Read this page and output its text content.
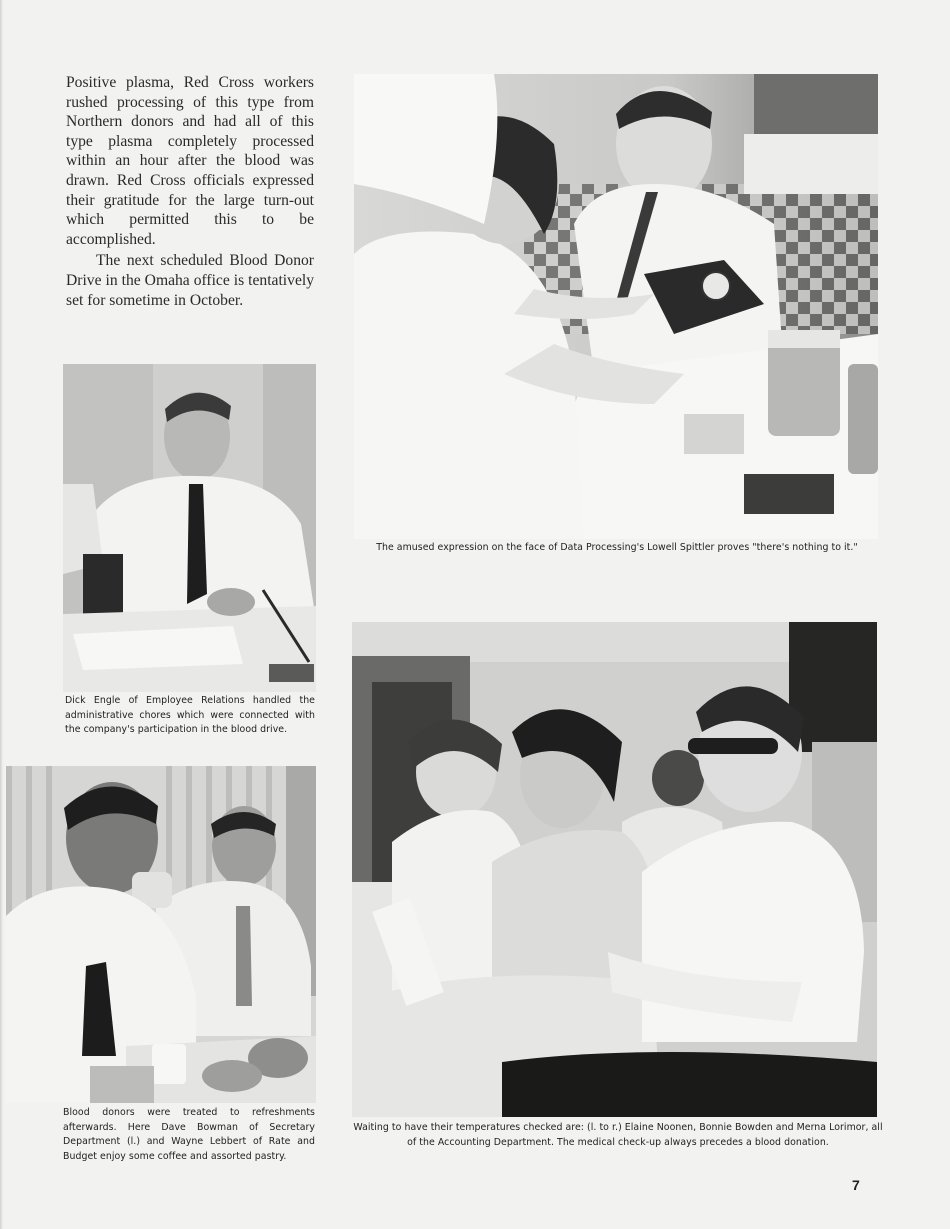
Positive plasma, Red Cross workers rushed processing of this type from Northern donors and had all of this type plasma completely processed within an hour after the blood was drawn. Red Cross officials expressed their gratitude for the large turn-out which permitted this to be accomplished.

The next scheduled Blood Donor Drive in the Omaha office is tentatively set for sometime in October.

The amused expression on the face of Data Processing's Lowell Spittler proves "there's nothing to it."
Dick Engle of Employee Relations handled the administrative chores which were connected with the company's participation in the blood drive.
Blood donors were treated to refreshments afterwards. Here Dave Bowman of Secretary Department (l.) and Wayne Lebbert of Rate and Budget enjoy some coffee and assorted pastry.
Waiting to have their temperatures checked are: (l. to r.) Elaine Noonen, Bonnie Bowden and Merna Lorimor, all of the Accounting Department. The medical check-up always precedes a blood donation.
7
